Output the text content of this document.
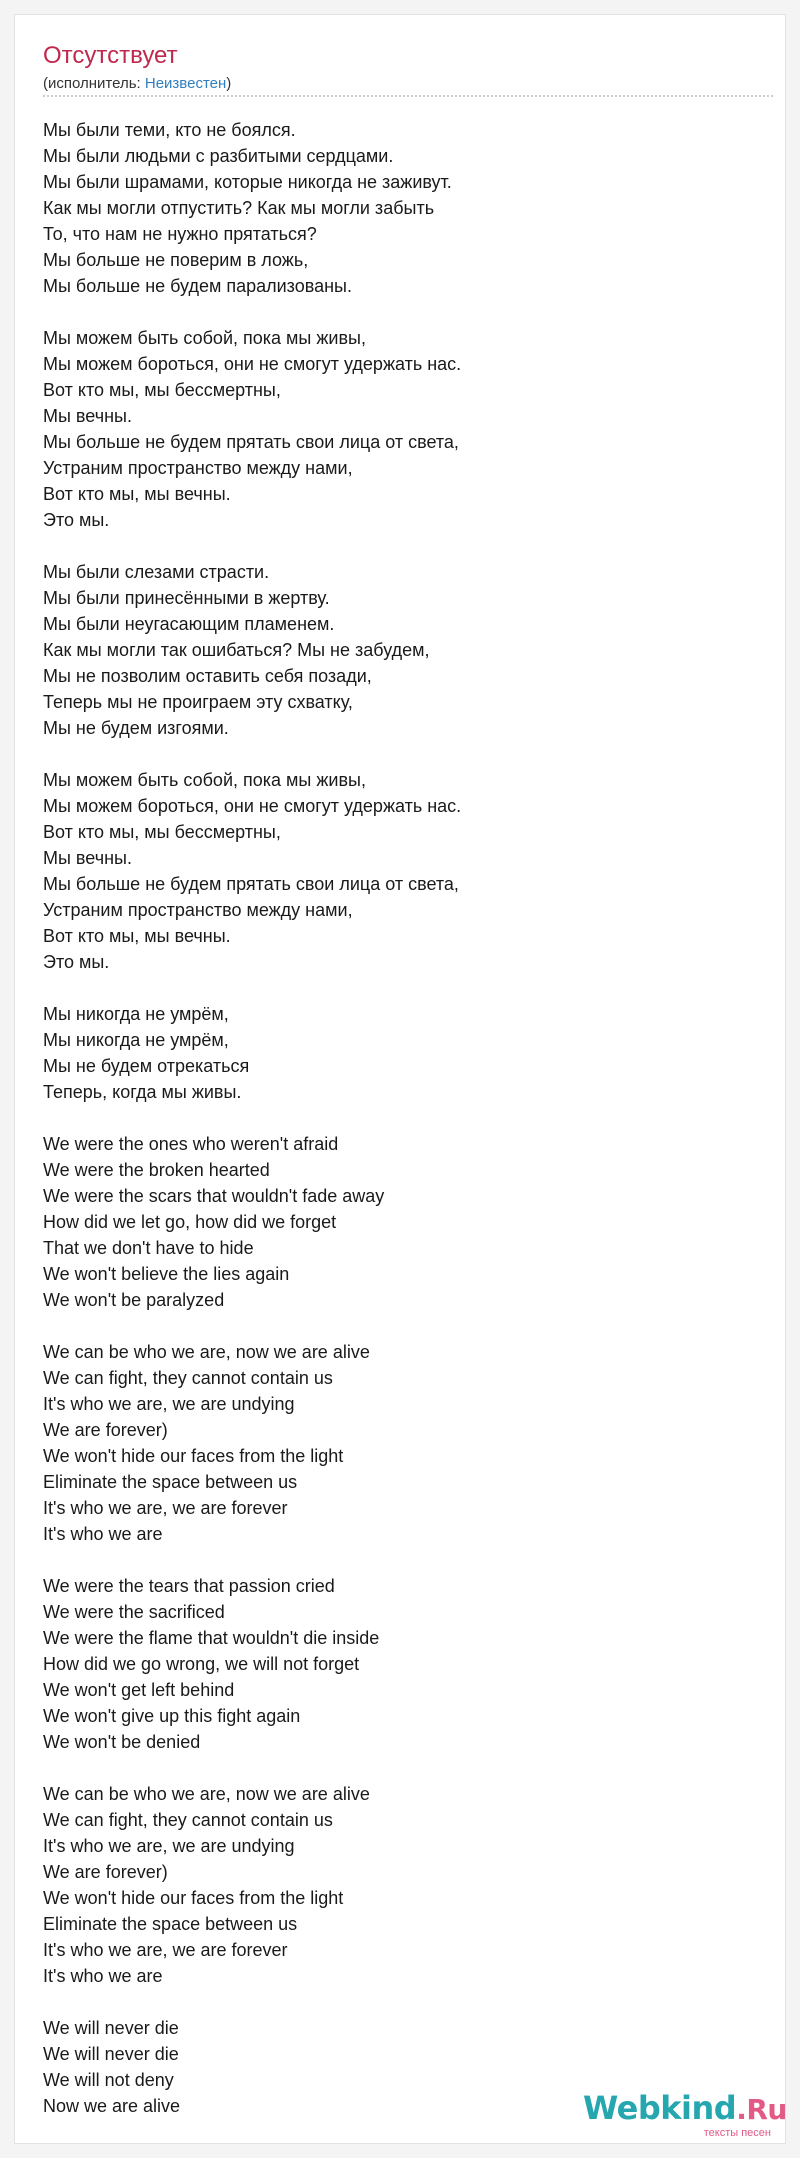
Отсутствует
(исполнитель: Неизвестен)
Мы были теми, кто не боялся.
Мы были людьми с разбитыми сердцами.
Мы были шрамами, которые никогда не заживут.
Как мы могли отпустить? Как мы могли забыть
То, что нам не нужно прятаться?
Мы больше не поверим в ложь,
Мы больше не будем парализованы.
Мы можем быть собой, пока мы живы,
Мы можем бороться, они не смогут удержать нас.
Вот кто мы, мы бессмертны,
Мы вечны.
Мы больше не будем прятать свои лица от света,
Устраним пространство между нами,
Вот кто мы, мы вечны.
Это мы.
Мы были слезами страсти.
Мы были принесёнными в жертву.
Мы были неугасающим пламенем.
Как мы могли так ошибаться? Мы не забудем,
Мы не позволим оставить себя позади,
Теперь мы не проиграем эту схватку,
Мы не будем изгоями.
Мы можем быть собой, пока мы живы,
Мы можем бороться, они не смогут удержать нас.
Вот кто мы, мы бессмертны,
Мы вечны.
Мы больше не будем прятать свои лица от света,
Устраним пространство между нами,
Вот кто мы, мы вечны.
Это мы.
Мы никогда не умрём,
Мы никогда не умрём,
Мы не будем отрекаться
Теперь, когда мы живы.
We were the ones who weren't afraid
We were the broken hearted
We were the scars that wouldn't fade away
How did we let go, how did we forget
That we don't have to hide
We won't believe the lies again
We won't be paralyzed
We can be who we are, now we are alive
We can fight, they cannot contain us
It's who we are, we are undying
We are forever)
We won't hide our faces from the light
Eliminate the space between us
It's who we are, we are forever
It's who we are
We were the tears that passion cried
We were the sacrificed
We were the flame that wouldn't die inside
How did we go wrong, we will not forget
We won't get left behind
We won't give up this fight again
We won't be denied
We can be who we are, now we are alive
We can fight, they cannot contain us
It's who we are, we are undying
We are forever)
We won't hide our faces from the light
Eliminate the space between us
It's who we are, we are forever
It's who we are
We will never die
We will never die
We will not deny
Now we are alive	Webkind.Ru
тексты песен
